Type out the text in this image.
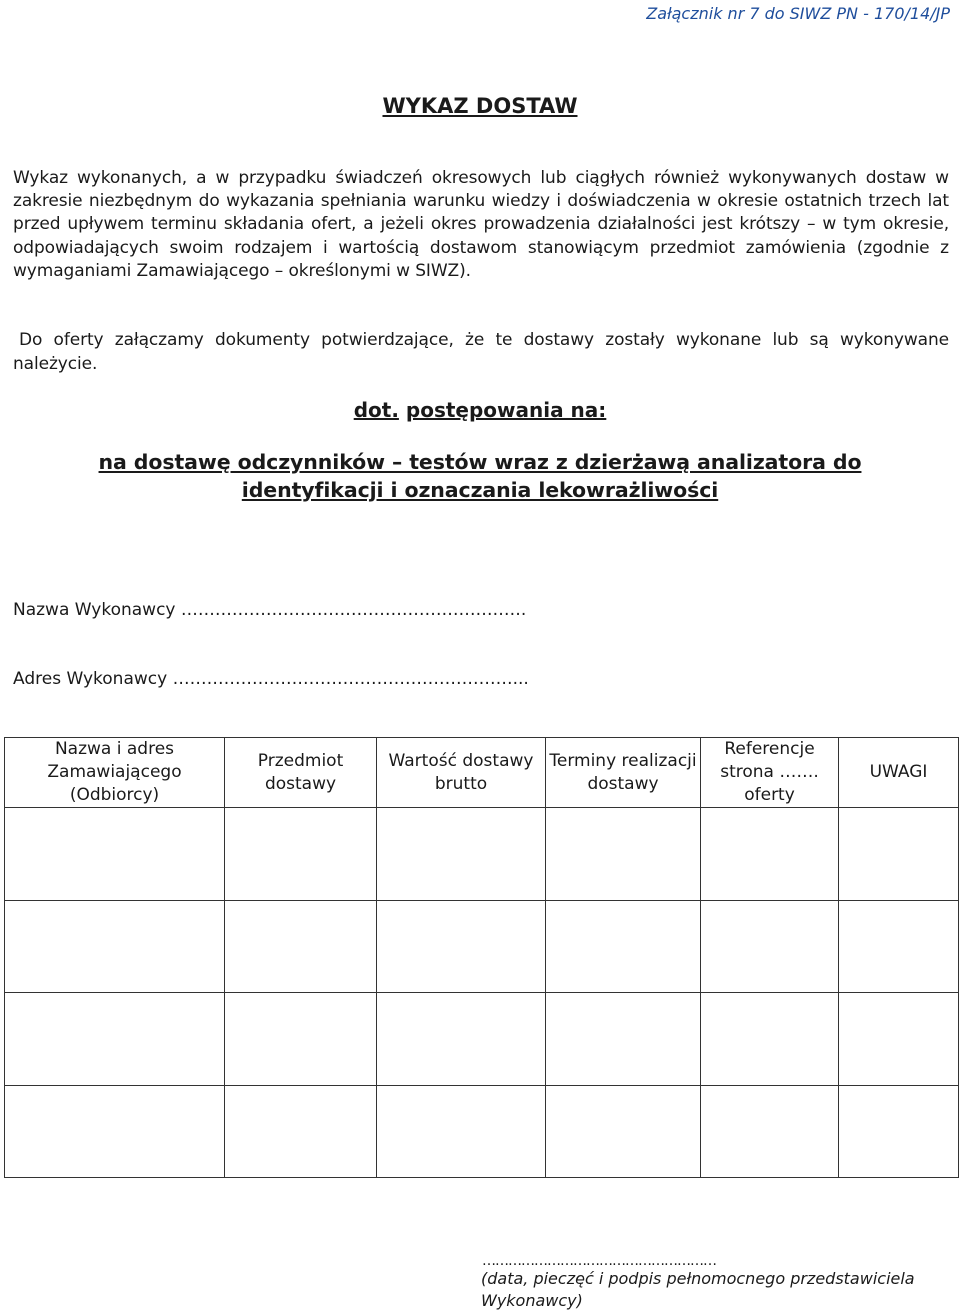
Załącznik nr 7 do SIWZ PN - 170/14/JP
WYKAZ DOSTAW
Wykaz wykonanych, a w przypadku świadczeń okresowych lub ciągłych również wykonywanych dostaw w zakresie niezbędnym do wykazania spełniania warunku wiedzy i doświadczenia w okresie ostatnich trzech lat przed upływem terminu składania ofert, a jeżeli okres prowadzenia działalności jest krótszy – w tym okresie, odpowiadających swoim rodzajem i wartością dostawom stanowiącym przedmiot zamówienia (zgodnie z wymaganiami Zamawiającego – określonymi w SIWZ).
Do oferty załączamy dokumenty potwierdzające, że te dostawy zostały wykonane lub są wykonywane należycie.
dot. postępowania na:
na dostawę odczynników – testów wraz z dzierżawą analizatora do identyfikacji i oznaczania lekowrażliwości
Nazwa Wykonawcy …………………………………………………….
Adres Wykonawcy ……………………………………………………...
Nazwa i adres Zamawiającego (Odbiorcy)	Przedmiot dostawy	Wartość dostawy brutto	Terminy realizacji dostawy	Referencje strona ……. oferty	UWAGI

………………………………………………
(data, pieczęć i podpis pełnomocnego przedstawiciela Wykonawcy)
